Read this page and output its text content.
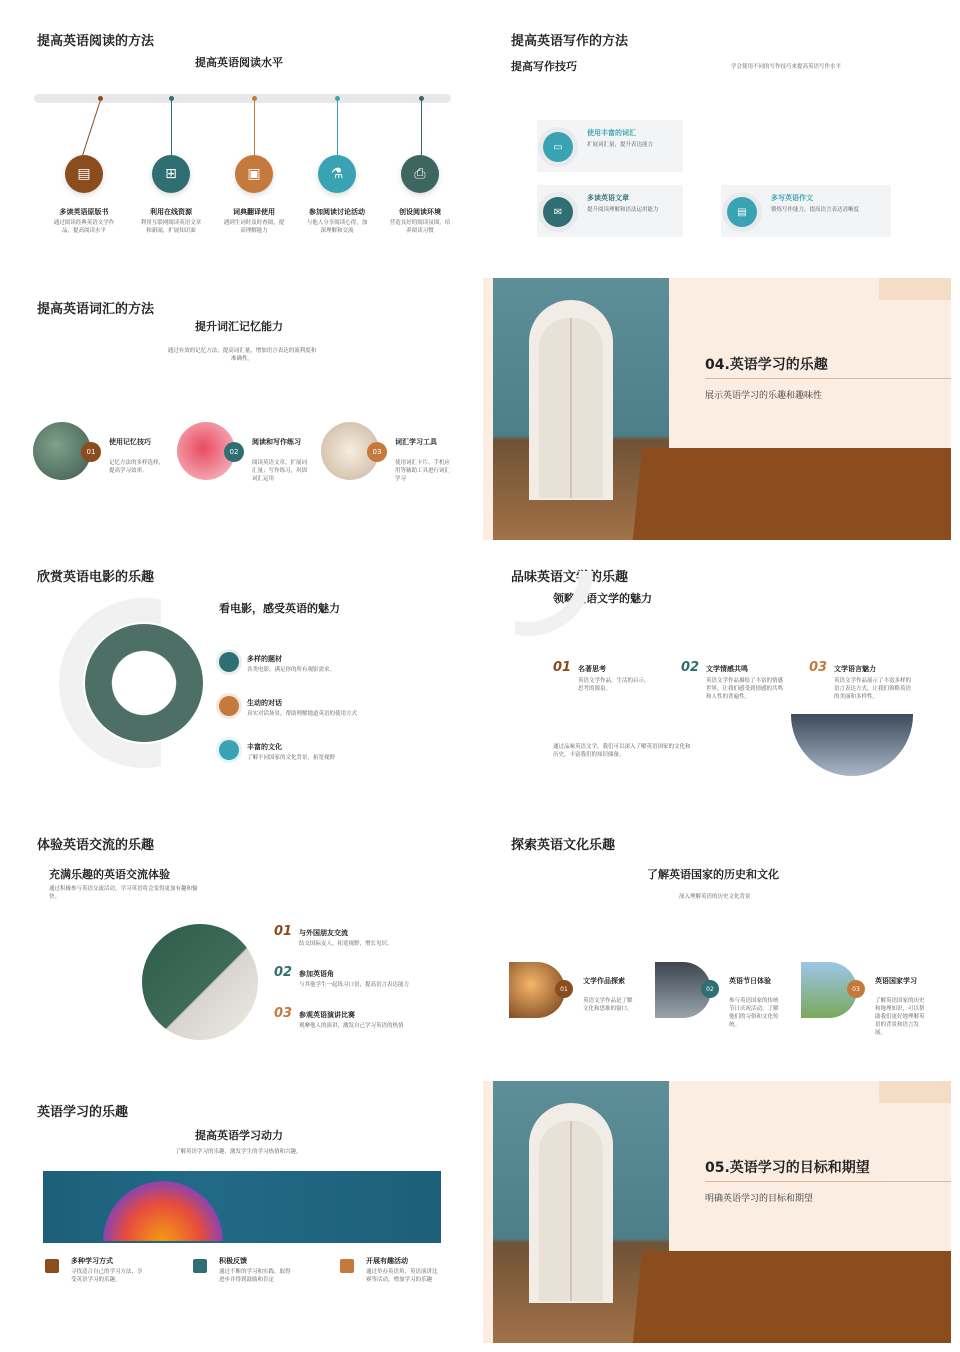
提高英语阅读的方法
提高英语阅读水平
▤	⊞	▣	⚗	⎙
多读英语原版书
通过阅读经典英语文学作品，提高阅读水平
利用在线资源
利用互联网阅读英语文章和新闻，扩展知识面
词典翻译使用
遇到生词时及时查阅，提高理解能力
参加阅读讨论活动
与他人分享阅读心得，加深理解和交流
创设阅读环境
营造良好的阅读氛围，培养阅读习惯
提高英语写作的方法
提高写作技巧	学会使用不同的写作技巧来提高英语写作水平
▭
使用丰富的词汇
扩展词汇量，提升表达能力
✉
多读英语文章
提升阅读理解和语法运用能力	▤
多写英语作文
锻炼写作能力，提高语言表达清晰度
提高英语词汇的方法
提升词汇记忆能力
通过有效的记忆方法，提高词汇量，增加语言表达的流利度和准确性。
01
使用记忆技巧
记忆方法的多样选择，提高学习效率。
02
阅读和写作练习
阅读英语文章，扩展词汇量；写作练习，巩固词汇运用
03
词汇学习工具
使用词汇卡片、手机应用等辅助工具进行词汇学习
04.英语学习的乐趣
展示英语学习的乐趣和趣味性
欣赏英语电影的乐趣
看电影，感受英语的魅力
多样的题材
各类电影，满足你的所有观影需求。
生动的对话
真实对话场景，帮助理解地道英语的使用方式
丰富的文化
了解不同国家的文化背景，拓宽视野
品味英语文学的乐趣
领略英语文学的魅力
01 名著思考
英语文学作品，生活的启示，思考的源泉。
02 文学情感共鸣
英语文学作品描绘了丰富的情感世界，让我们感受到情感的共鸣和人性的普遍性。
03 文学语言魅力
英语文学作品展示了丰富多样的语言表达方式，让我们领略英语的美丽和多样性。
通过品味英语文学，我们可以深入了解英语国家的文化和历史，丰富我们的知识储备。
体验英语交流的乐趣
充满乐趣的英语交流体验
通过积极参与英语交流活动，学习英语将会变得更加有趣和愉快。
01 与外国朋友交流
结交国际友人，拓宽视野，增长见识。
02 参加英语角
与其他学生一起练习口语，提高语言表达能力
03 参观英语演讲比赛
观摩他人的演讲，激发自己学习英语的热情
探索英语文化乐趣
了解英语国家的历史和文化
深入理解英语的历史文化背景
01
文学作品探索
英语文学作品是了解文化和思维的窗口。
02
英语节日体验
参与英语国家的传统节日庆祝活动，了解他们的习俗和文化传统。
03
英语国家学习
了解英语国家的历史和地理知识，可以帮助我们更好地理解英语的背景和语言发展。
英语学习的乐趣
提高英语学习动力
了解英语学习的乐趣，激发学生的学习热情和兴趣。
多种学习方式
寻找适合自己的学习方法，享受英语学习的乐趣。
积极反馈
通过不断的学习和实践，取得进步并得到鼓励和肯定
开展有趣活动
通过举办英语角、英语演讲比赛等活动，增加学习的乐趣
05.英语学习的目标和期望
明确英语学习的目标和期望
